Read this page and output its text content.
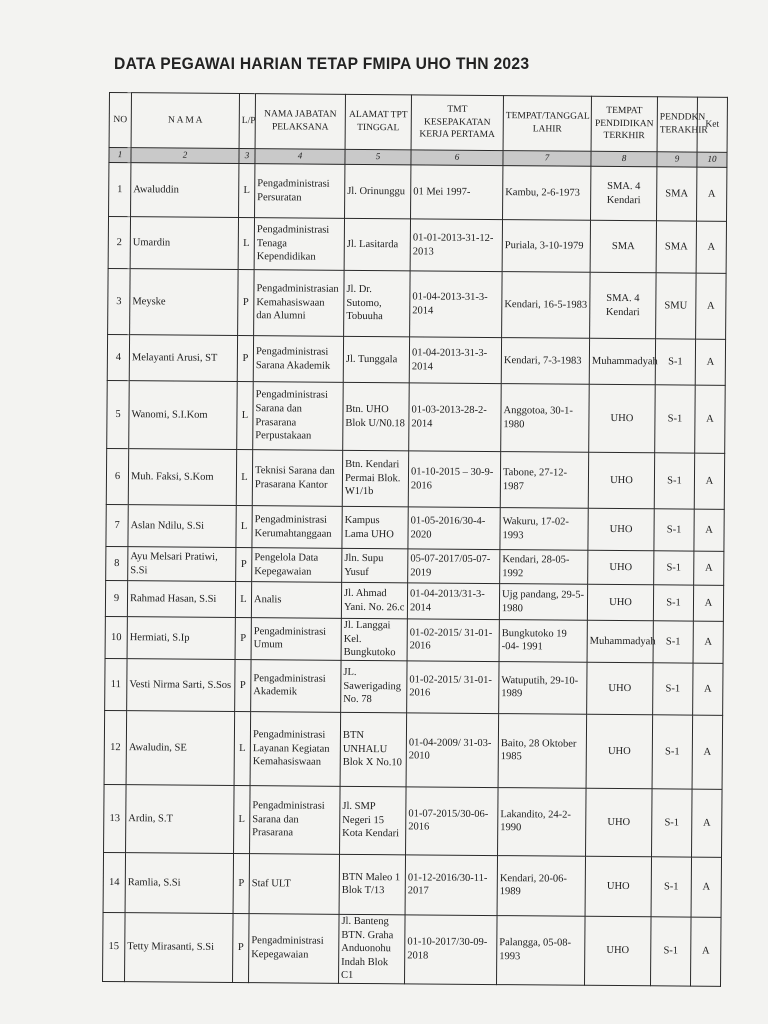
DATA PEGAWAI HARIAN TETAP FMIPA UHO THN 2023
NO	N A M A	L/P	NAMA JABATAN PELAKSANA	ALAMAT TPT TINGGAL	TMT KESEPAKATAN KERJA PERTAMA	TEMPAT/TANGGAL LAHIR	TEMPAT PENDIDIKAN TERKHIR	PENDDKN TERAKHIR	Ket
1	2	3	4	5	6	7	8	9	10
1	Awaluddin	L	Pengadministrasi Persuratan	Jl. Orinunggu	01 Mei 1997-	Kambu, 2-6-1973	SMA. 4 Kendari	SMA	A
2	Umardin	L	Pengadministrasi Tenaga Kependidikan	Jl. Lasitarda	01-01-2013-31-12-2013	Puriala, 3-10-1979	SMA	SMA	A
3	Meyske	P	Pengadministrasian Kemahasiswaan dan Alumni	Jl. Dr. Sutomo, Tobuuha	01-04-2013-31-3-2014	Kendari, 16-5-1983	SMA. 4 Kendari	SMU	A
4	Melayanti Arusi, ST	P	Pengadministrasi Sarana Akademik	Jl. Tunggala	01-04-2013-31-3-2014	Kendari, 7-3-1983	Muhammadyah	S-1	A
5	Wanomi, S.I.Kom	L	Pengadministrasi Sarana dan Prasarana Perpustakaan	Btn. UHO Blok U/N0.18	01-03-2013-28-2-2014	Anggotoa, 30-1-1980	UHO	S-1	A
6	Muh. Faksi, S.Kom	L	Teknisi Sarana dan Prasarana Kantor	Btn. Kendari Permai Blok. W1/1b	01-10-2015 – 30-9-2016	Tabone, 27-12-1987	UHO	S-1	A
7	Aslan Ndilu, S.Si	L	Pengadministrasi Kerumahtanggaan	Kampus Lama UHO	01-05-2016/30-4-2020	Wakuru, 17-02-1993	UHO	S-1	A
8	Ayu Melsari Pratiwi, S.Si	P	Pengelola Data Kepegawaian	Jln. Supu Yusuf	05-07-2017/05-07-2019	Kendari, 28-05-1992	UHO	S-1	A
9	Rahmad Hasan, S.Si	L	Analis	Jl. Ahmad Yani. No. 26.c	01-04-2013/31-3-2014	Ujg pandang, 29-5-1980	UHO	S-1	A
10	Hermiati, S.Ip	P	Pengadministrasi Umum	Jl. Langgai Kel. Bungkutoko	01-02-2015/ 31-01-2016	Bungkutoko 19 -04- 1991	Muhammadyah	S-1	A
11	Vesti Nirma Sarti, S.Sos	P	Pengadministrasi Akademik	JL. Sawerigading No. 78	01-02-2015/ 31-01-2016	Watuputih, 29-10-1989	UHO	S-1	A
12	Awaludin, SE	L	Pengadministrasi Layanan Kegiatan Kemahasiswaan	BTN UNHALU Blok X No.10	01-04-2009/ 31-03-2010	Baito, 28 Oktober 1985	UHO	S-1	A
13	Ardin, S.T	L	Pengadministrasi Sarana dan Prasarana	Jl. SMP Negeri 15 Kota Kendari	01-07-2015/30-06-2016	Lakandito, 24-2-1990	UHO	S-1	A
14	Ramlia, S.Si	P	Staf ULT	BTN Maleo 1 Blok T/13	01-12-2016/30-11-2017	Kendari, 20-06-1989	UHO	S-1	A
15	Tetty Mirasanti, S.Si	P	Pengadministrasi Kepegawaian	Jl. Banteng BTN. Graha Anduonohu Indah Blok C1	01-10-2017/30-09-2018	Palangga, 05-08-1993	UHO	S-1	A
